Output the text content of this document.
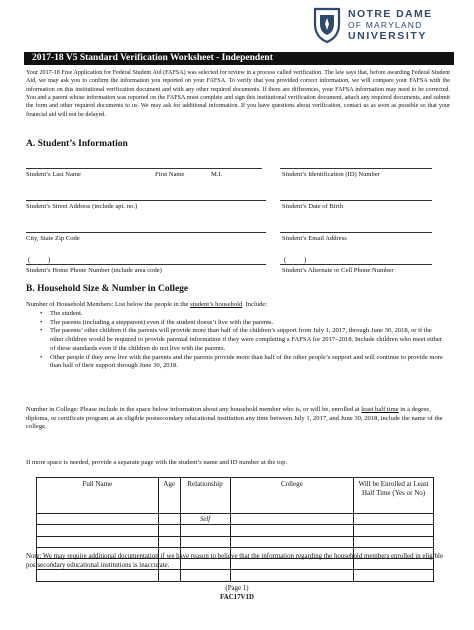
NOTRE DAME
OF MARYLAND
UNIVERSITY
2017-18 V5 Standard Verification Worksheet - Independent
Your 2017-18 Free Application for Federal Student Aid (FAFSA) was selected for review in a process called verification. The law says that, before awarding Federal Student Aid, we may ask you to confirm the information you reported on your FAFSA. To verify that you provided correct information, we will compare your FAFSA with the information on this institutional verification document and with any other required documents. If there are differences, your FAFSA information may need to be corrected. You and a parent whose information was reported on the FAFSA must complete and sign this institutional verification document, attach any required documents, and submit the form and other required documents to us. We may ask for additional information. If you have questions about verification, contact us as soon as possible so that your financial aid will not be delayed.
A. Student’s Information
Student’s Last Name	First Name	M.I.	Student’s Identification (ID) Number
Student’s Street Address (include apt. no.)	Student’s Date of Birth
City, State Zip Code	Student’s Email Address
(	)	(	)
Student’s Home Phone Number (include area code)	Student’s Alternate or Cell Phone Number
B. Household Size & Number in College
Number of Household Members: List below the people in the student’s household. Include:
• The student.
• The parents (including a stepparent) even if the student doesn’t live with the parents.
• The parents’ other children if the parents will provide more than half of the children’s support from July 1, 2017, through June 30, 2018, or if the other children would be required to provide parental information if they were completing a FAFSA for 2017–2018. Include children who meet either of these standards even if the children do not live with the parents.
• Other people if they now live with the parents and the parents provide more than half of the other people’s support and will continue to provide more than half of their support through June 30, 2018.
Number in College: Please include in the space below information about any household member who is, or will be, enrolled at least half time in a degree, diploma, or certificate program at an eligible postsecondary educational institution any time between July 1, 2017, and June 30, 2018, include the name of the college.
If more space is needed, provide a separate page with the student’s name and ID number at the top.
Full Name	Age	Relationship	College	Will be Enrolled at Least Half Time (Yes or No)
		Self		

Note: We may require additional documentation if we have reason to believe that the information regarding the household members enrolled in eligible postsecondary educational institutions is inaccurate.
(Page 1)
FAC17V1D
